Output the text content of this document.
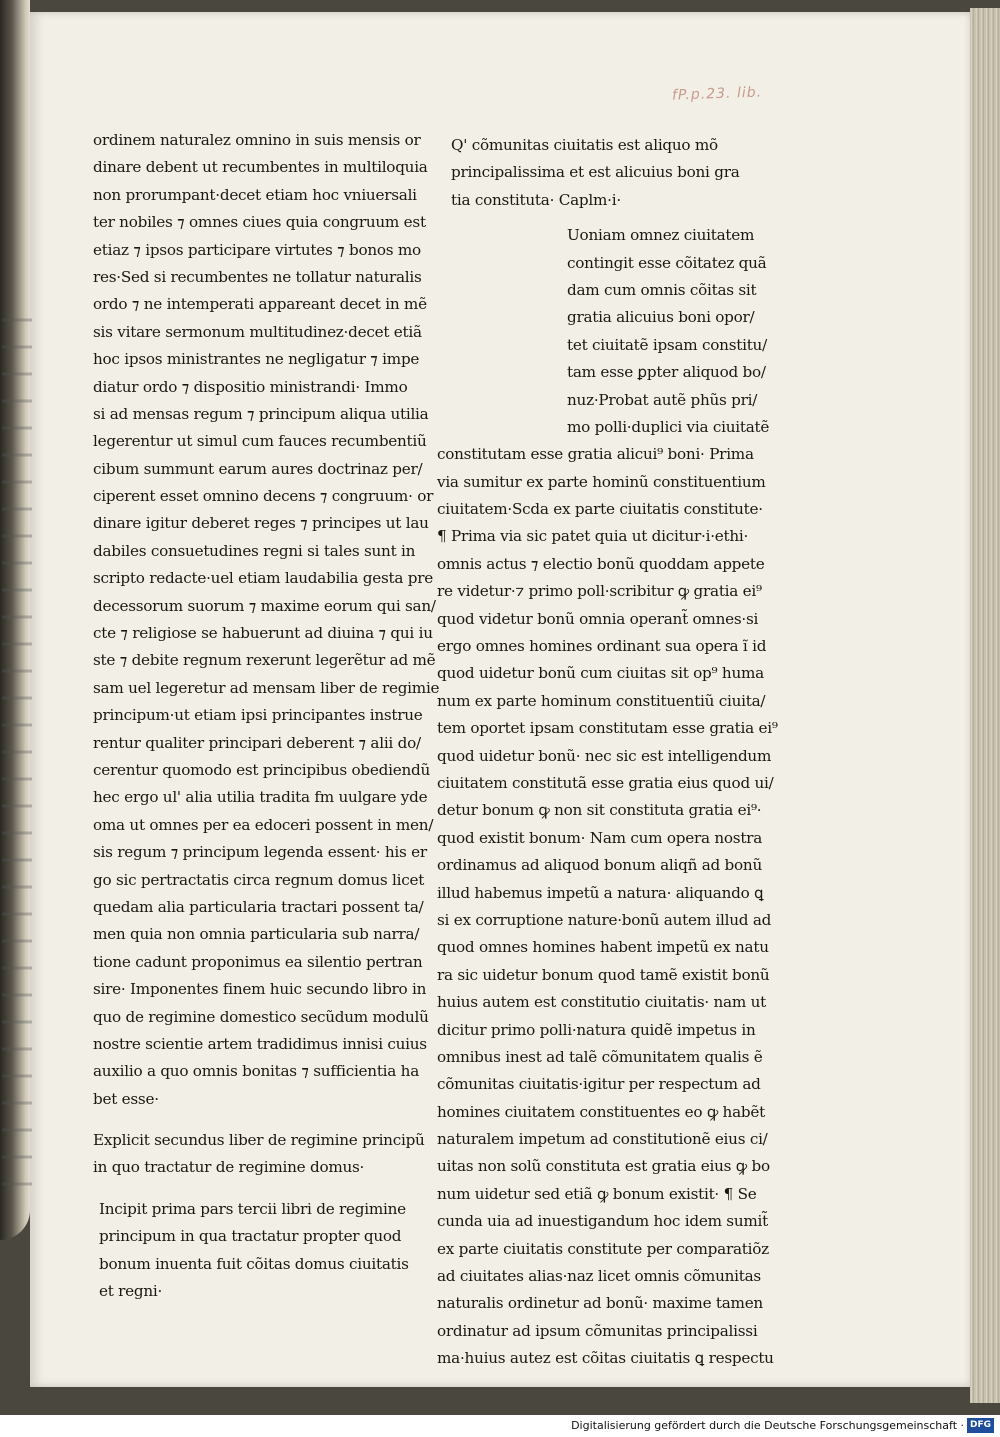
fP.p.23. lib.
ordinem naturalez omnino in suis mensis or
dinare debent ut recumbentes in multiloquia
non prorumpant·decet etiam hoc vniuersali
ter nobiles ⁊ omnes ciues quia congruum est
etiaz ⁊ ipsos participare virtutes ⁊ bonos mo
res·Sed si recumbentes ne tollatur naturalis
ordo ⁊ ne intemperati appareant decet in mẽ
sis vitare sermonum multitudinez·decet etiã
hoc ipsos ministrantes ne negligatur ⁊ impe
diatur ordo ⁊ dispositio ministrandi· Immo
si ad mensas regum ⁊ principum aliqua utilia
legerentur ut simul cum fauces recumbentiũ
cibum summunt earum aures doctrinaz per/
ciperent esset omnino decens ⁊ congruum· or
dinare igitur deberet reges ⁊ principes ut lau
dabiles consuetudines regni si tales sunt in
scripto redacte·uel etiam laudabilia gesta pre
decessorum suorum ⁊ maxime eorum qui san/
cte ⁊ religiose se habuerunt ad diuina ⁊ qui iu
ste ⁊ debite regnum rexerunt legerẽtur ad mẽ
sam uel legeretur ad mensam liber de regimie
principum·ut etiam ipsi principantes instrue
rentur qualiter principari deberent ⁊ alii do/
cerentur quomodo est principibus obediendũ
hec ergo ul' alia utilia tradita fm uulgare yde
oma ut omnes per ea edoceri possent in men/
sis regum ⁊ principum legenda essent· his er
go sic pertractatis circa regnum domus licet
quedam alia particularia tractari possent ta/
men quia non omnia particularia sub narra/
tione cadunt proponimus ea silentio pertran
sire· Imponentes finem huic secundo libro in
quo de regimine domestico secũdum modulũ
nostre scientie artem tradidimus innisi cuius
auxilio a quo omnis bonitas ⁊ sufficientia ha
bet esse·
Explicit secundus liber de regimine principũ
in quo tractatur de regimine domus·
Incipit prima pars tercii libri de regimine
principum in qua tractatur propter quod
bonum inuenta fuit cõitas domus ciuitatis
et regni·
Q' cõmunitas ciuitatis est aliquo mõ
principalissima et est alicuius boni gra
tia constituta· Caplm·i·
Uoniam omnez ciuitatem
contingit esse cõitatez quã
dam cum omnis cõitas sit
gratia alicuius boni opor/
tet ciuitatẽ ipsam constitu/
tam esse ꝑpter aliquod bo/
nuz·Probat autẽ phũs pri/
mo polli·duplici via ciuitatẽ
constitutam esse gratia alicui⁹ boni· Prima
via sumitur ex parte hominũ constituentium
ciuitatem·Scda ex parte ciuitatis constitute·
¶ Prima via sic patet quia ut dicitur·i·ethi·
omnis actus ⁊ electio bonũ quoddam appete
re videtur·⁊ primo poll·scribitur ꝙ gratia ei⁹
quod videtur bonũ omnia operant̃ omnes·si
ergo omnes homines ordinant sua opera ĩ id
quod uidetur bonũ cum ciuitas sit op⁹ huma
num ex parte hominum constituentiũ ciuita/
tem oportet ipsam constitutam esse gratia ei⁹
quod uidetur bonũ· nec sic est intelligendum
ciuitatem constitutã esse gratia eius quod ui/
detur bonum ꝙ non sit constituta gratia ei⁹·
quod existit bonum· Nam cum opera nostra
ordinamus ad aliquod bonum aliqñ ad bonũ
illud habemus impetũ a natura· aliquando ꝗ
si ex corruptione nature·bonũ autem illud ad
quod omnes homines habent impetũ ex natu
ra sic uidetur bonum quod tamẽ existit bonũ
huius autem est constitutio ciuitatis· nam ut
dicitur primo polli·natura quidẽ impetus in
omnibus inest ad talẽ cõmunitatem qualis ẽ
cõmunitas ciuitatis·igitur per respectum ad
homines ciuitatem constituentes eo ꝙ habẽt
naturalem impetum ad constitutionẽ eius ci/
uitas non solũ constituta est gratia eius ꝙ bo
num uidetur sed etiã ꝙ bonum existit· ¶ Se
cunda uia ad inuestigandum hoc idem sumit̃
ex parte ciuitatis constitute per comparatiõz
ad ciuitates alias·naz licet omnis cõmunitas
naturalis ordinetur ad bonũ· maxime tamen
ordinatur ad ipsum cõmunitas principalissi
ma·huius autez est cõitas ciuitatis ꝗ respectu
Digitalisierung gefördert durch die Deutsche Forschungsgemeinschaft · DFG
